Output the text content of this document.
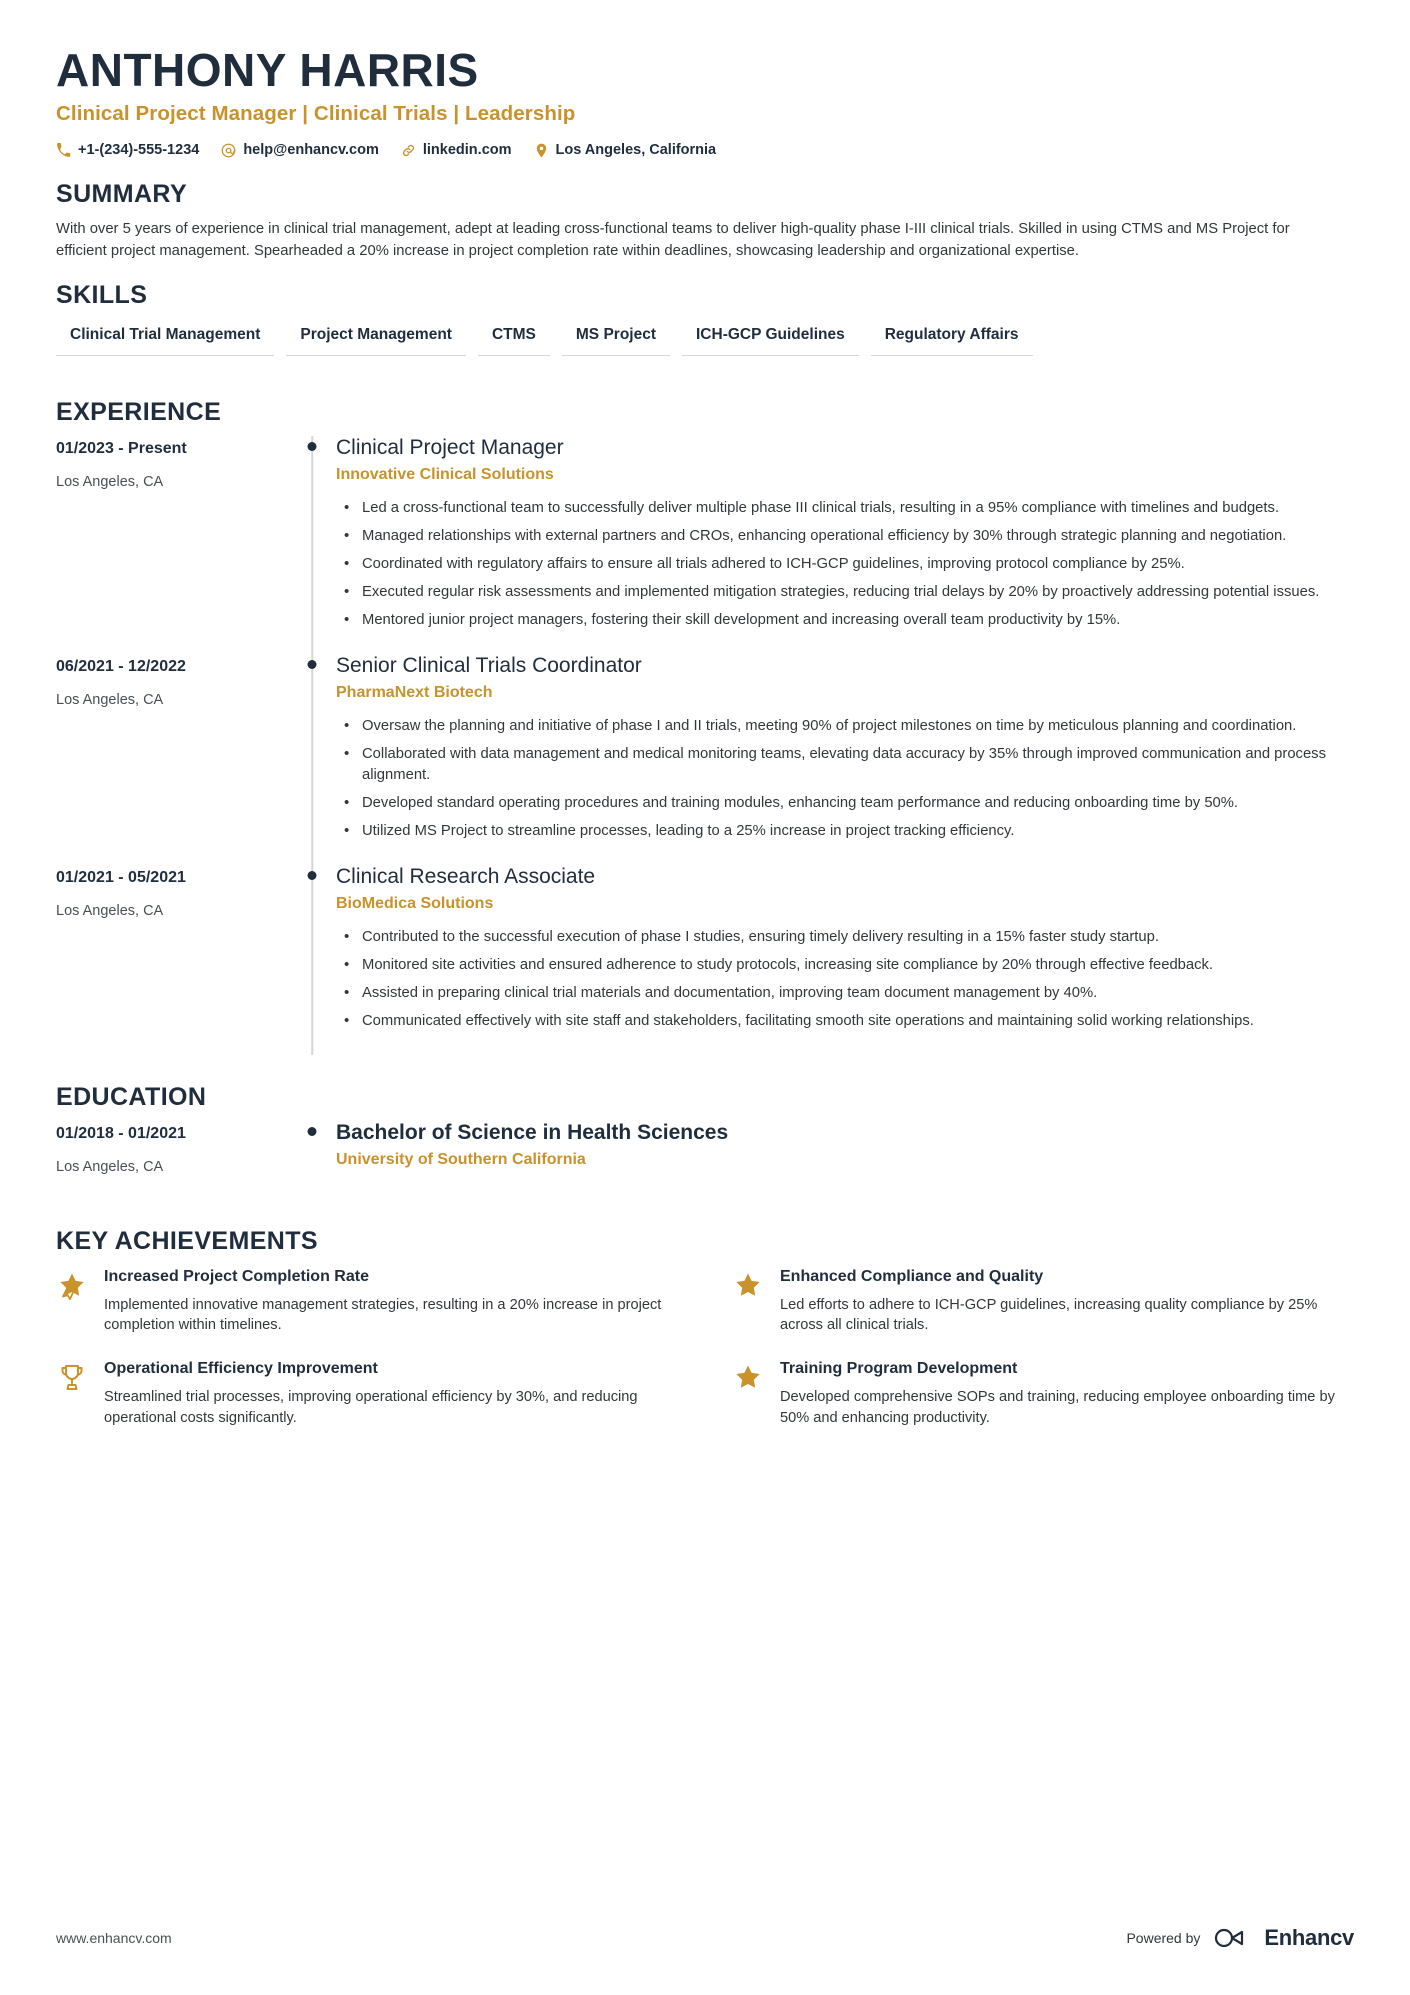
ANTHONY HARRIS
Clinical Project Manager | Clinical Trials | Leadership
+1-(234)-555-1234	help@enhancv.com	linkedin.com	Los Angeles, California
SUMMARY
With over 5 years of experience in clinical trial management, adept at leading cross-functional teams to deliver high-quality phase I-III clinical trials. Skilled in using CTMS and MS Project for efficient project management. Spearheaded a 20% increase in project completion rate within deadlines, showcasing leadership and organizational expertise.
SKILLS
Clinical Trial Management	Project Management	CTMS	MS Project	ICH-GCP Guidelines	Regulatory Affairs
EXPERIENCE
01/2023 - Present
Los Angeles, CA
Clinical Project Manager
Innovative Clinical Solutions
• Led a cross-functional team to successfully deliver multiple phase III clinical trials, resulting in a 95% compliance with timelines and budgets.
• Managed relationships with external partners and CROs, enhancing operational efficiency by 30% through strategic planning and negotiation.
• Coordinated with regulatory affairs to ensure all trials adhered to ICH-GCP guidelines, improving protocol compliance by 25%.
• Executed regular risk assessments and implemented mitigation strategies, reducing trial delays by 20% by proactively addressing potential issues.
• Mentored junior project managers, fostering their skill development and increasing overall team productivity by 15%.
06/2021 - 12/2022
Los Angeles, CA
Senior Clinical Trials Coordinator
PharmaNext Biotech
• Oversaw the planning and initiative of phase I and II trials, meeting 90% of project milestones on time by meticulous planning and coordination.
• Collaborated with data management and medical monitoring teams, elevating data accuracy by 35% through improved communication and process alignment.
• Developed standard operating procedures and training modules, enhancing team performance and reducing onboarding time by 50%.
• Utilized MS Project to streamline processes, leading to a 25% increase in project tracking efficiency.
01/2021 - 05/2021
Los Angeles, CA
Clinical Research Associate
BioMedica Solutions
• Contributed to the successful execution of phase I studies, ensuring timely delivery resulting in a 15% faster study startup.
• Monitored site activities and ensured adherence to study protocols, increasing site compliance by 20% through effective feedback.
• Assisted in preparing clinical trial materials and documentation, improving team document management by 40%.
• Communicated effectively with site staff and stakeholders, facilitating smooth site operations and maintaining solid working relationships.
EDUCATION
01/2018 - 01/2021
Los Angeles, CA
Bachelor of Science in Health Sciences
University of Southern California
KEY ACHIEVEMENTS
Increased Project Completion Rate
Implemented innovative management strategies, resulting in a 20% increase in project completion within timelines.
Enhanced Compliance and Quality
Led efforts to adhere to ICH-GCP guidelines, increasing quality compliance by 25% across all clinical trials.
Operational Efficiency Improvement
Streamlined trial processes, improving operational efficiency by 30%, and reducing operational costs significantly.
Training Program Development
Developed comprehensive SOPs and training, reducing employee onboarding time by 50% and enhancing productivity.
www.enhancv.com	Powered by	Enhancv
